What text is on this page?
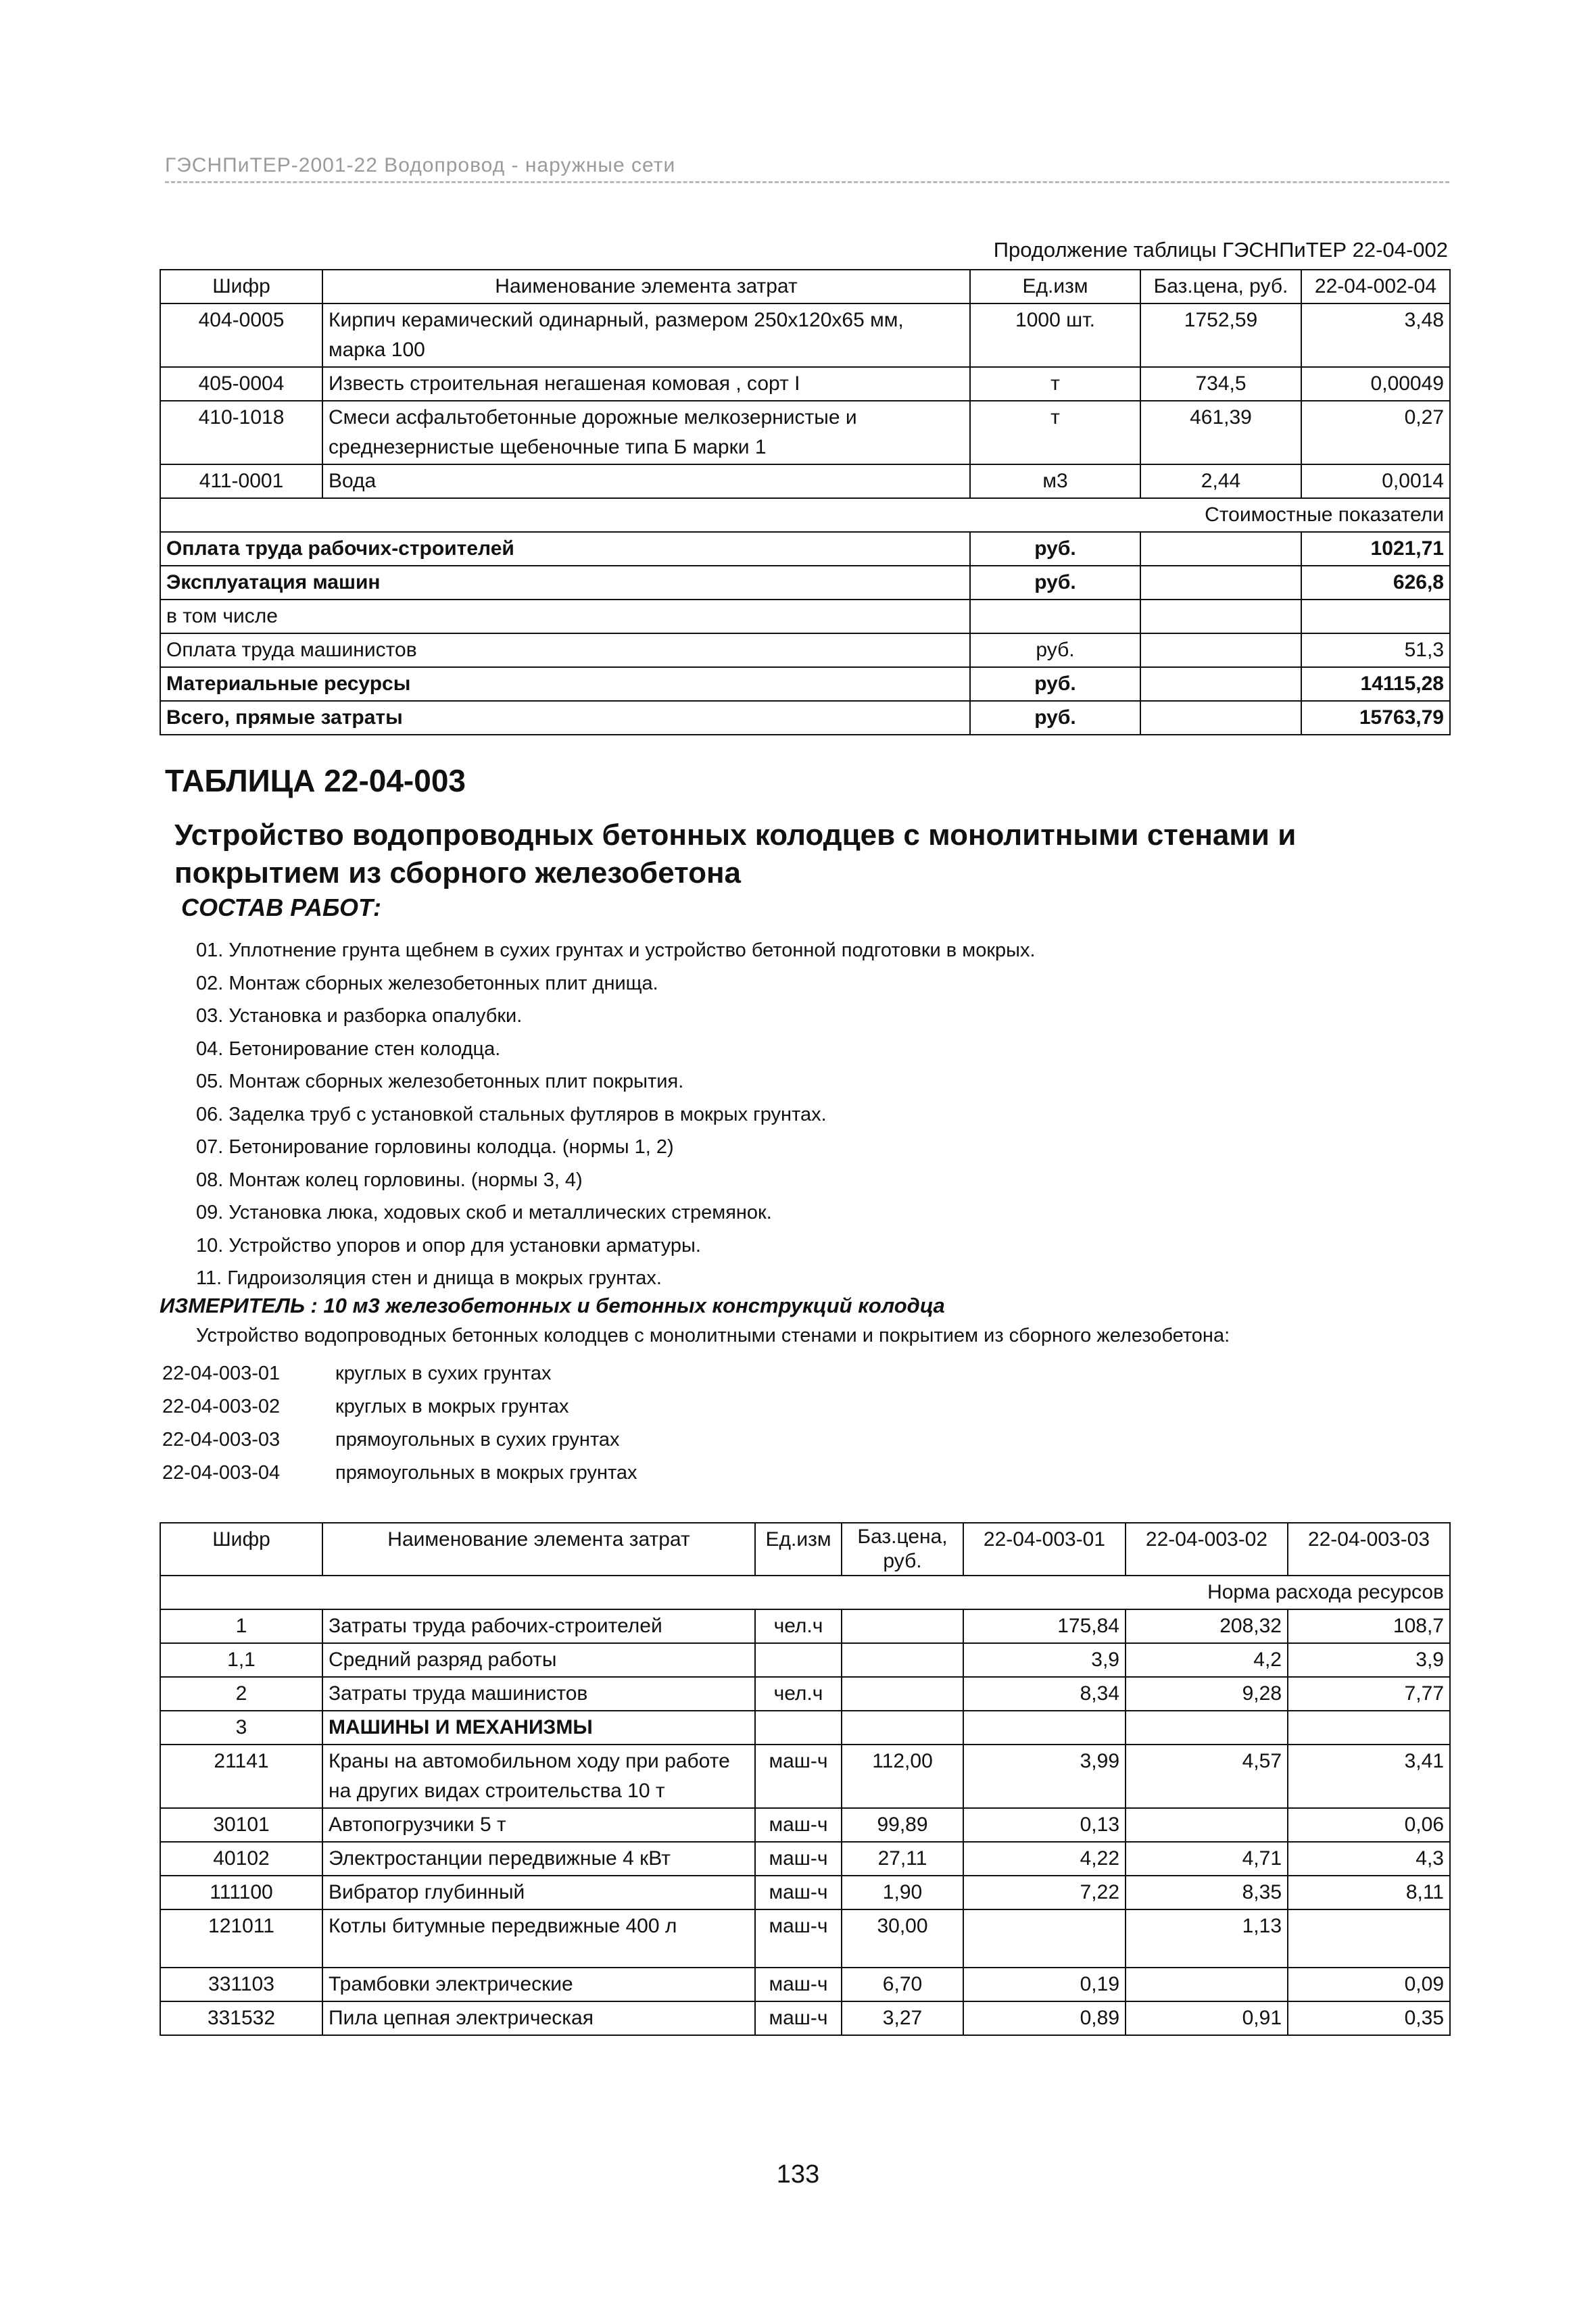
ГЭСНПиТЕР-2001-22 Водопровод - наружные сети
Продолжение таблицы ГЭСНПиТЕР 22-04-002
Шифр	Наименование элемента затрат	Ед.изм	Баз.цена, руб.	22-04-002-04
404-0005	Кирпич керамический одинарный, размером 250х120х65 мм, марка 100	1000 шт.	1752,59	3,48
405-0004	Известь строительная негашеная комовая , сорт I	т	734,5	0,00049
410-1018	Смеси асфальтобетонные дорожные мелкозернистые и среднезернистые щебеночные типа Б марки 1	т	461,39	0,27
411-0001	Вода	м3	2,44	0,0014
Стоимостные показатели				
Оплата труда рабочих-строителей		руб.		1021,71
Эксплуатация машин		руб.		626,8
в том числе				
Оплата труда машинистов		руб.		51,3
Материальные ресурсы		руб.		14115,28
Всего, прямые затраты		руб.		15763,79
ТАБЛИЦА 22-04-003
Устройство водопроводных бетонных колодцев с монолитными стенами и покрытием из сборного железобетона
СОСТАВ РАБОТ:
01. Уплотнение грунта щебнем в сухих грунтах и устройство бетонной подготовки в мокрых.
02. Монтаж сборных железобетонных плит днища.
03. Установка и разборка опалубки.
04. Бетонирование стен колодца.
05. Монтаж сборных железобетонных плит покрытия.
06. Заделка труб с установкой стальных футляров в мокрых грунтах.
07. Бетонирование горловины колодца. (нормы 1, 2)
08. Монтаж колец горловины. (нормы 3, 4)
09. Установка люка, ходовых скоб и металлических стремянок.
10. Устройство упоров и опор для установки арматуры.
11. Гидроизоляция стен и днища в мокрых грунтах.
ИЗМЕРИТЕЛЬ : 10 м3 железобетонных и бетонных конструкций колодца
Устройство водопроводных бетонных колодцев с монолитными стенами и покрытием из сборного железобетона:
22-04-003-01	круглых в сухих грунтах
22-04-003-02	круглых в мокрых грунтах
22-04-003-03	прямоугольных в сухих грунтах
22-04-003-04	прямоугольных в мокрых грунтах
Шифр	Наименование элемента затрат	Ед.изм	Баз.цена, руб.	22-04-003-01	22-04-003-02	22-04-003-03
Норма расхода ресурсов						
1	Затраты труда рабочих-строителей	чел.ч		175,84	208,32	108,7
1,1	Средний разряд работы			3,9	4,2	3,9
2	Затраты труда машинистов	чел.ч		8,34	9,28	7,77
3	МАШИНЫ И МЕХАНИЗМЫ					
21141	Краны на автомобильном ходу при работе на других видах строительства 10 т	маш-ч	112,00	3,99	4,57	3,41
30101	Автопогрузчики 5 т	маш-ч	99,89	0,13		0,06
40102	Электростанции передвижные 4 кВт	маш-ч	27,11	4,22	4,71	4,3
111100	Вибратор глубинный	маш-ч	1,90	7,22	8,35	8,11
121011	Котлы битумные передвижные 400 л	маш-ч	30,00		1,13	
331103	Трамбовки электрические	маш-ч	6,70	0,19		0,09
331532	Пила цепная электрическая	маш-ч	3,27	0,89	0,91	0,35
133
